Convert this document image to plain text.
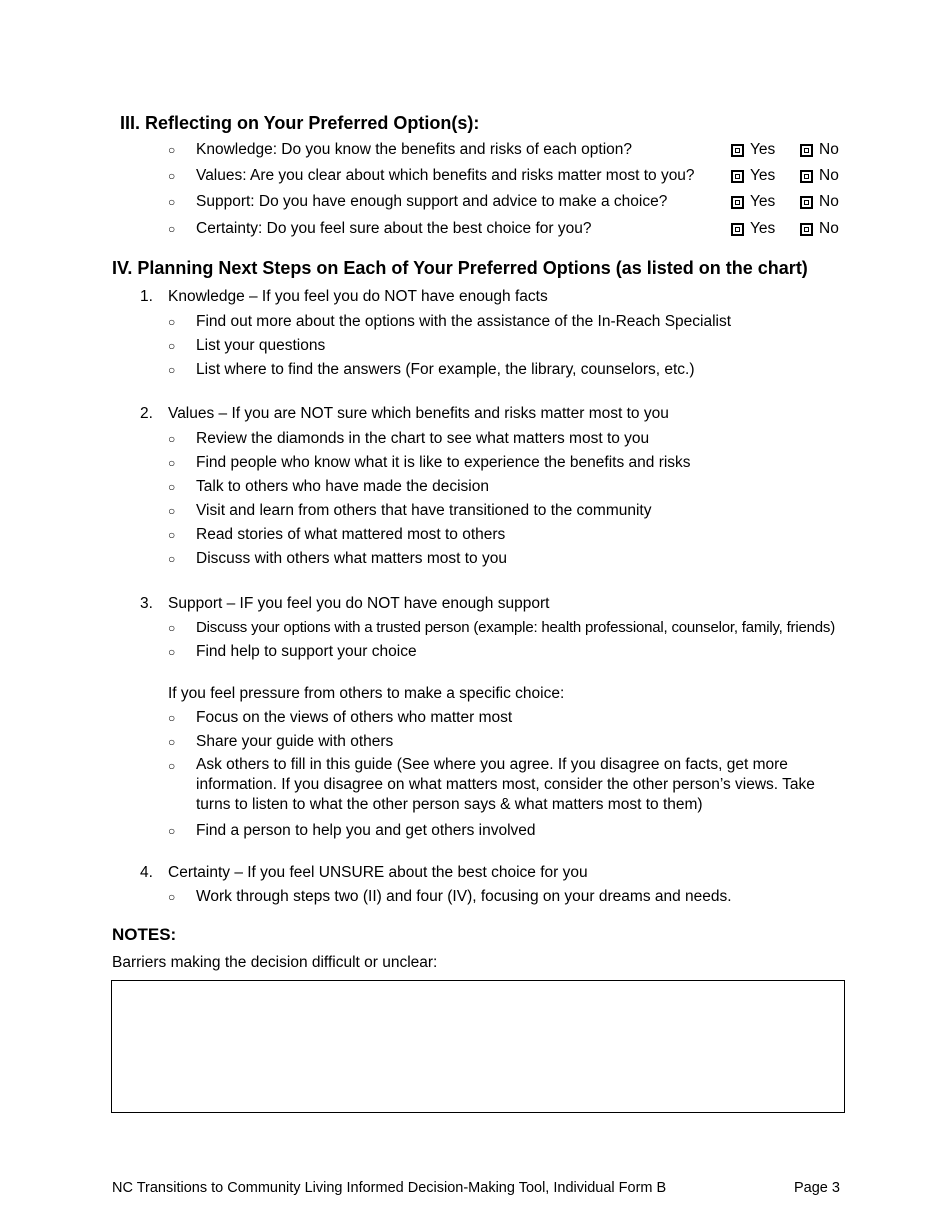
III. Reflecting on Your Preferred Option(s):
○ Knowledge: Do you know the benefits and risks of each option?	Yes	No
○ Values: Are you clear about which benefits and risks matter most to you?	Yes	No
○ Support: Do you have enough support and advice to make a choice?	Yes	No
○ Certainty: Do you feel sure about the best choice for you?	Yes	No
IV. Planning Next Steps on Each of Your Preferred Options (as listed on the chart)
1. Knowledge – If you feel you do NOT have enough facts
○ Find out more about the options with the assistance of the In-Reach Specialist
○ List your questions
○ List where to find the answers (For example, the library, counselors, etc.)
2. Values – If you are NOT sure which benefits and risks matter most to you
○ Review the diamonds in the chart to see what matters most to you
○ Find people who know what it is like to experience the benefits and risks
○ Talk to others who have made the decision
○ Visit and learn from others that have transitioned to the community
○ Read stories of what mattered most to others
○ Discuss with others what matters most to you
3. Support – IF you feel you do NOT have enough support
○ Discuss your options with a trusted person (example: health professional, counselor, family, friends)
○ Find help to support your choice
If you feel pressure from others to make a specific choice:
○ Focus on the views of others who matter most
○ Share your guide with others
○ Ask others to fill in this guide (See where you agree. If you disagree on facts, get more information. If you disagree on what matters most, consider the other person’s views. Take turns to listen to what the other person says & what matters most to them)
○ Find a person to help you and get others involved
4. Certainty – If you feel UNSURE about the best choice for you
○ Work through steps two (II) and four (IV), focusing on your dreams and needs.
NOTES:
Barriers making the decision difficult or unclear:
NC Transitions to Community Living Informed Decision-Making Tool, Individual Form B	Page 3
